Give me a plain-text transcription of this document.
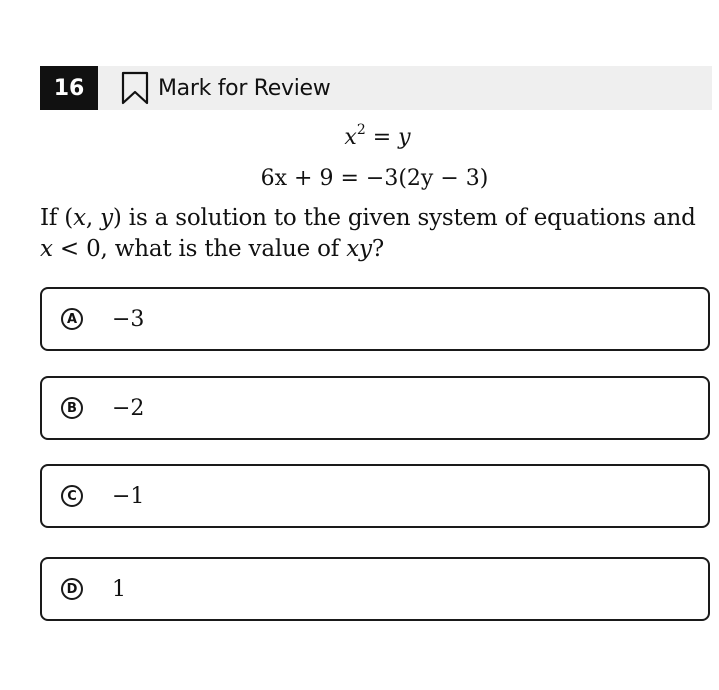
16	Mark for Review
$x^2 = y$
6x + 9 = −3(2y − 3)
If (x, y) is a solution to the given system of equations and
x < 0, what is the value of xy?
A −3
B −2
C −1
D 1
